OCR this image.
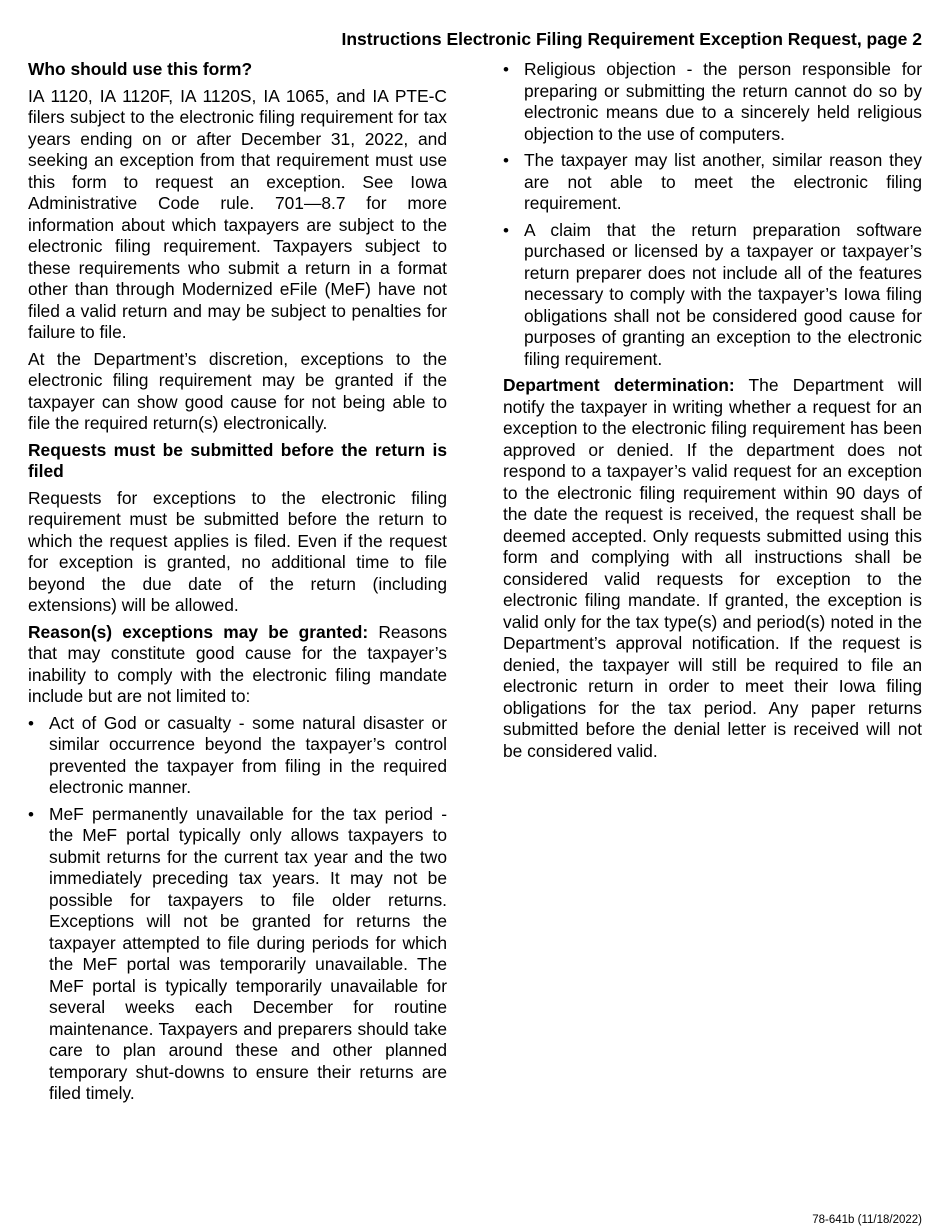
Instructions Electronic Filing Requirement Exception Request, page 2
Who should use this form?

IA 1120, IA 1120F, IA 1120S, IA 1065, and IA PTE-C filers subject to the electronic filing requirement for tax years ending on or after December 31, 2022, and seeking an exception from that requirement must use this form to request an exception. See Iowa Administrative Code rule. 701—8.7 for more information about which taxpayers are subject to the electronic filing requirement. Taxpayers subject to these requirements who submit a return in a format other than through Modernized eFile (MeF) have not filed a valid return and may be subject to penalties for failure to file.

At the Department’s discretion, exceptions to the electronic filing requirement may be granted if the taxpayer can show good cause for not being able to file the required return(s) electronically.

Requests must be submitted before the return is filed

Requests for exceptions to the electronic filing requirement must be submitted before the return to which the request applies is filed. Even if the request for exception is granted, no additional time to file beyond the due date of the return (including extensions) will be allowed.

Reason(s) exceptions may be granted: Reasons that may constitute good cause for the taxpayer’s inability to comply with the electronic filing mandate include but are not limited to:

• Act of God or casualty - some natural disaster or similar occurrence beyond the taxpayer’s control prevented the taxpayer from filing in the required electronic manner.
• MeF permanently unavailable for the tax period - the MeF portal typically only allows taxpayers to submit returns for the current tax year and the two immediately preceding tax years. It may not be possible for taxpayers to file older returns. Exceptions will not be granted for returns the taxpayer attempted to file during periods for which the MeF portal was temporarily unavailable. The MeF portal is typically temporarily unavailable for several weeks each December for routine maintenance. Taxpayers and preparers should take care to plan around these and other planned temporary shut-downs to ensure their returns are filed timely.
• Religious objection - the person responsible for preparing or submitting the return cannot do so by electronic means due to a sincerely held religious objection to the use of computers.
• The taxpayer may list another, similar reason they are not able to meet the electronic filing requirement.
• A claim that the return preparation software purchased or licensed by a taxpayer or taxpayer’s return preparer does not include all of the features necessary to comply with the taxpayer’s Iowa filing obligations shall not be considered good cause for purposes of granting an exception to the electronic filing requirement.

Department determination: The Department will notify the taxpayer in writing whether a request for an exception to the electronic filing requirement has been approved or denied. If the department does not respond to a taxpayer’s valid request for an exception to the electronic filing requirement within 90 days of the date the request is received, the request shall be deemed accepted. Only requests submitted using this form and complying with all instructions shall be considered valid requests for exception to the electronic filing mandate. If granted, the exception is valid only for the tax type(s) and period(s) noted in the Department’s approval notification. If the request is denied, the taxpayer will still be required to file an electronic return in order to meet their Iowa filing obligations for the tax period. Any paper returns submitted before the denial letter is received will not be considered valid.

78-641b (11/18/2022)
